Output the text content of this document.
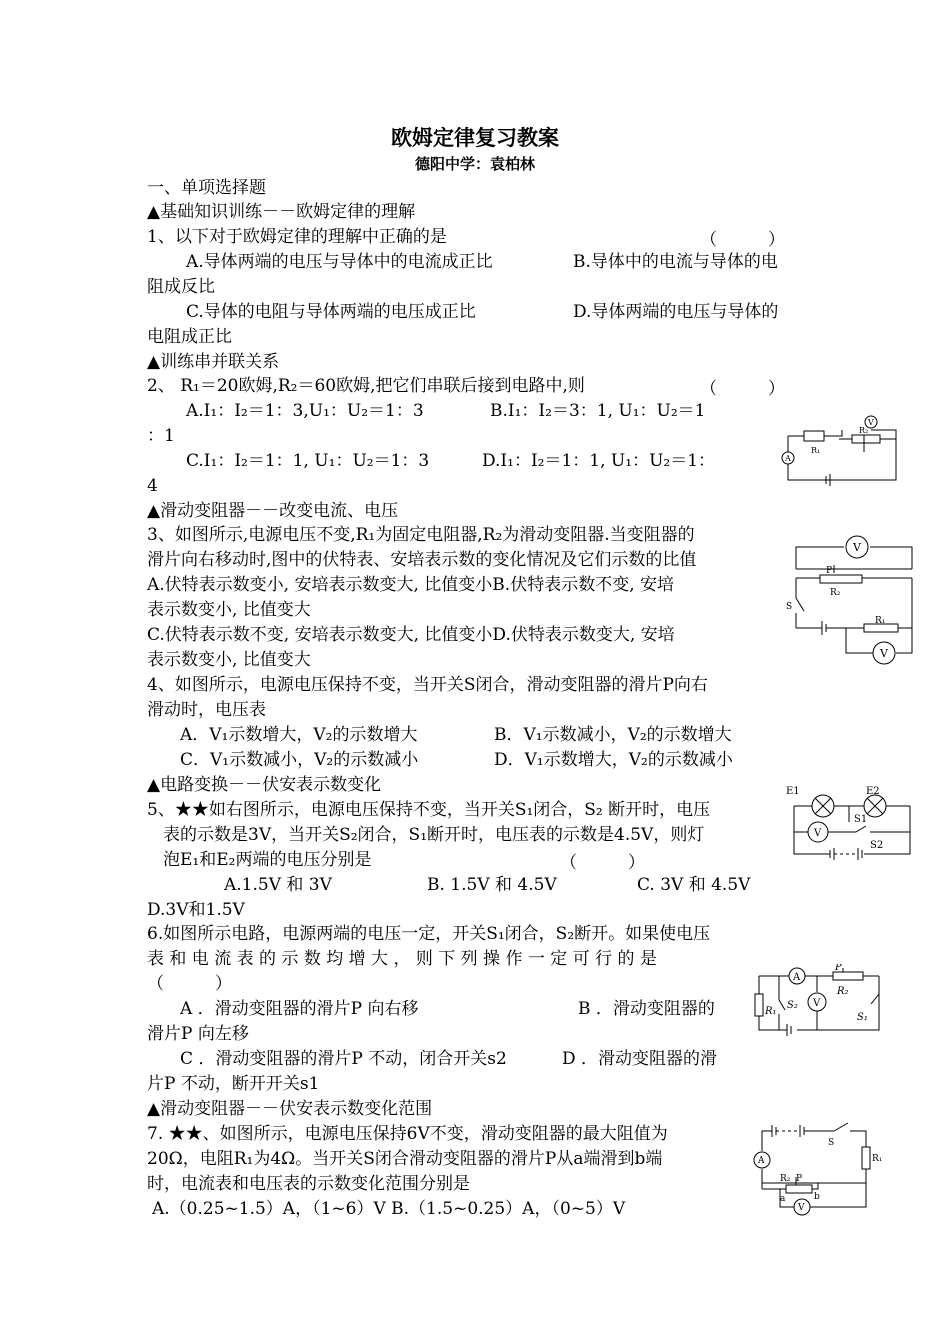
欧姆定律复习教案
德阳中学：袁柏林
一、单项选择题
▲基础知识训练－－欧姆定律的理解
1、以下对于欧姆定律的理解中正确的是	（　　　）
A.导体两端的电压与导体中的电流成正比	B.导体中的电流与导体的电
阻成反比
C.导体的电阻与导体两端的电压成正比	D.导体两端的电压与导体的
电阻成正比
▲训练串并联关系
2、 R₁＝20欧姆,R₂＝60欧姆,把它们串联后接到电路中,则	（　　　）
A.I₁：I₂＝1：3,U₁：U₂＝1：3	B.I₁：I₂＝3：1, U₁：U₂＝1
：1
C.I₁：I₂＝1：1, U₁：U₂＝1：3	D.I₁：I₂＝1：1, U₁：U₂＝1：
4
V
A
R₁
R₂
▲滑动变阻器－－改变电流、电压
3、如图所示,电源电压不变,R₁为固定电阻器,R₂为滑动变阻器.当变阻器的
滑片向右移动时,图中的伏特表、安培表示数的变化情况及它们示数的比值
A.伏特表示数变小, 安培表示数变大, 比值变小B.伏特表示数不变, 安培
表示数变小, 比值变大
C.伏特表示数不变, 安培表示数变大, 比值变小D.伏特表示数变大, 安培
表示数变小, 比值变大
V
P
R₂
S
R₁
V
4、如图所示，电源电压保持不变，当开关S闭合，滑动变阻器的滑片P向右
滑动时，电压表
A．V₁示数增大，V₂的示数增大	B．V₁示数减小，V₂的示数增大
C．V₁示数减小，V₂的示数减小	D．V₁示数增大，V₂的示数减小
▲电路变换－－伏安表示数变化
5、★★如右图所示，电源电压保持不变，当开关S₁闭合，S₂ 断开时，电压
表的示数是3V，当开关S₂闭合，S₁断开时，电压表的示数是4.5V，则灯
泡E₁和E₂两端的电压分别是	（　　　）
A.1.5V 和 3V	B. 1.5V 和 4.5V	C. 3V 和 4.5V
D.3V和1.5V
E1	E2
V
S1
S2
6.如图所示电路，电源两端的电压一定，开关S₁闭合，S₂断开。如果使电压
表 和 电 流 表 的 示 数 均 增 大 ， 则 下 列 操 作 一 定 可 行 的 是
（　　　）
A ．滑动变阻器的滑片P 向右移	B ．滑动变阻器的
滑片P 向左移
C ．滑动变阻器的滑片P 不动，闭合开关s2	D ．滑动变阻器的滑
片P 不动，断开开关s1
A
P
R₁
S₂ V
R₂
S₁
▲滑动变阻器－－伏安表示数变化范围
7. ★★、如图所示，电源电压保持6V不变，滑动变阻器的最大阻值为
20Ω，电阻R₁为4Ω。当开关S闭合滑动变阻器的滑片P从a端滑到b端
时，电流表和电压表的示数变化范围分别是
A.（0.25~1.5）A，（1~6）V B.（1.5~0.25）A，（0~5）V
S
A	R₁
R₂ P
a	b
V
